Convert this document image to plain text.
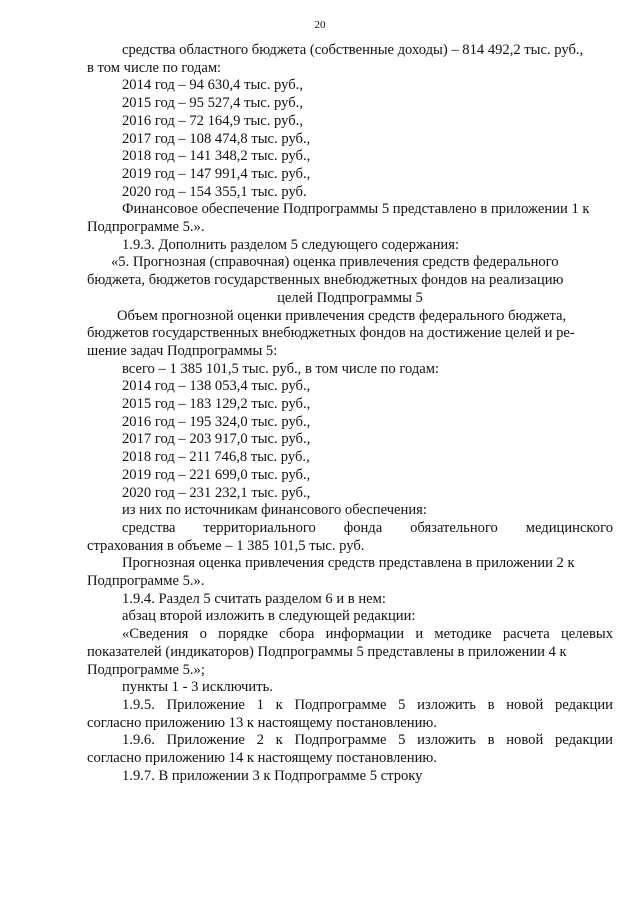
20
средства областного бюджета (собственные доходы) – 814 492,2 тыс. руб.,
в том числе по годам:
2014 год – 94 630,4 тыс. руб.,
2015 год – 95 527,4 тыс. руб.,
2016 год – 72 164,9 тыс. руб.,
2017 год – 108 474,8 тыс. руб.,
2018 год – 141 348,2 тыс. руб.,
2019 год – 147 991,4 тыс. руб.,
2020 год – 154 355,1 тыс. руб.
Финансовое обеспечение Подпрограммы 5 представлено в приложении 1 к
Подпрограмме 5.».
1.9.3. Дополнить разделом 5 следующего содержания:
«5. Прогнозная (справочная) оценка привлечения средств федерального
бюджета, бюджетов государственных внебюджетных фондов на реализацию
целей Подпрограммы 5
Объем прогнозной оценки привлечения средств федерального бюджета,
бюджетов государственных внебюджетных фондов на достижение целей и ре-
шение задач Подпрограммы 5:
всего – 1 385 101,5 тыс. руб., в том числе по годам:
2014 год – 138 053,4 тыс. руб.,
2015 год – 183 129,2 тыс. руб.,
2016 год – 195 324,0 тыс. руб.,
2017 год – 203 917,0 тыс. руб.,
2018 год – 211 746,8 тыс. руб.,
2019 год – 221 699,0 тыс. руб.,
2020 год – 231 232,1 тыс. руб.,
из них по источникам финансового обеспечения:
средства территориального фонда обязательного медицинского
страхования в объеме – 1 385 101,5 тыс. руб.
Прогнозная оценка привлечения средств представлена в приложении 2 к
Подпрограмме 5.».
1.9.4. Раздел 5 считать разделом 6 и в нем:
абзац второй изложить в следующей редакции:
«Сведения о порядке сбора информации и методике расчета целевых
показателей (индикаторов) Подпрограммы 5 представлены в приложении 4 к
Подпрограмме 5.»;
пункты 1 - 3 исключить.
1.9.5. Приложение 1 к Подпрограмме 5 изложить в новой редакции
согласно приложению 13 к настоящему постановлению.
1.9.6. Приложение 2 к Подпрограмме 5 изложить в новой редакции
согласно приложению 14 к настоящему постановлению.
1.9.7. В приложении 3 к Подпрограмме 5 строку
